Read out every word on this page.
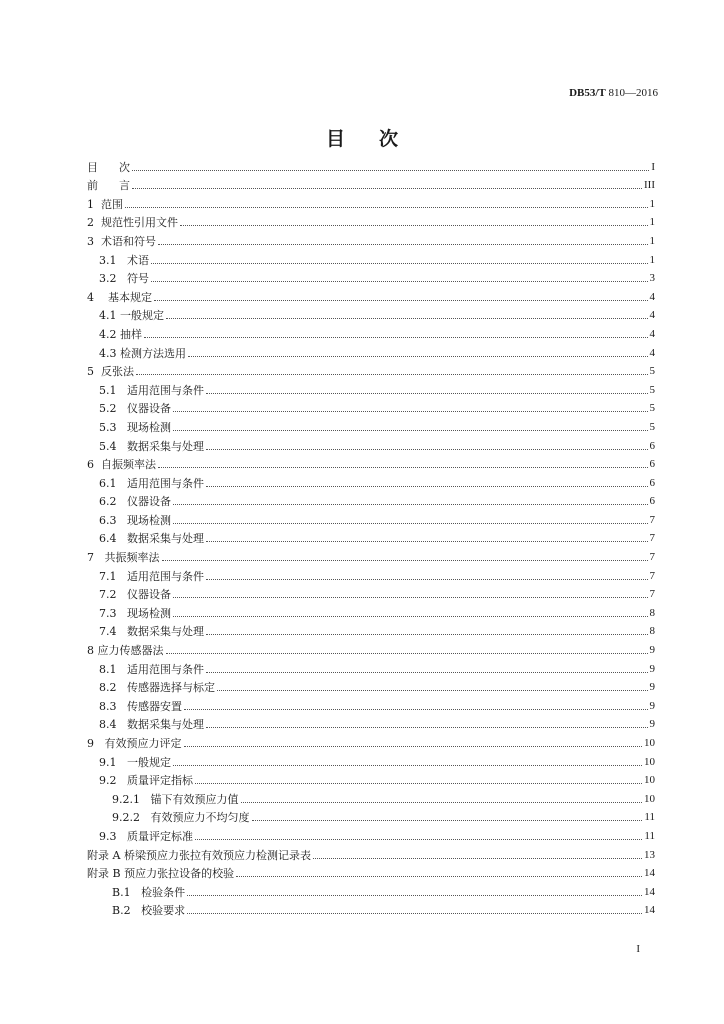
DB53/T 810—2016
目 次
目 次	I
前 言	III
1 范围	1
2 规范性引用文件	1
3 术语和符号	1
3.1 术语	1
3.2 符号	3
4 基本规定	4
4.1 一般规定	4
4.2 抽样	4
4.3 检测方法选用	4
5 反张法	5
5.1 适用范围与条件	5
5.2 仪器设备	5
5.3 现场检测	5
5.4 数据采集与处理	6
6 自振频率法	6
6.1 适用范围与条件	6
6.2 仪器设备	6
6.3 现场检测	7
6.4 数据采集与处理	7
7 共振频率法	7
7.1 适用范围与条件	7
7.2 仪器设备	7
7.3 现场检测	8
7.4 数据采集与处理	8
8 应力传感器法	9
8.1 适用范围与条件	9
8.2 传感器选择与标定	9
8.3 传感器安置	9
8.4 数据采集与处理	9
9 有效预应力评定	10
9.1 一般规定	10
9.2 质量评定指标	10
9.2.1 锚下有效预应力值	10
9.2.2 有效预应力不均匀度	11
9.3 质量评定标准	11
附录 A 桥梁预应力张拉有效预应力检测记录表	13
附录 B 预应力张拉设备的校验	14
B.1 检验条件	14
B.2 校验要求	14
I
